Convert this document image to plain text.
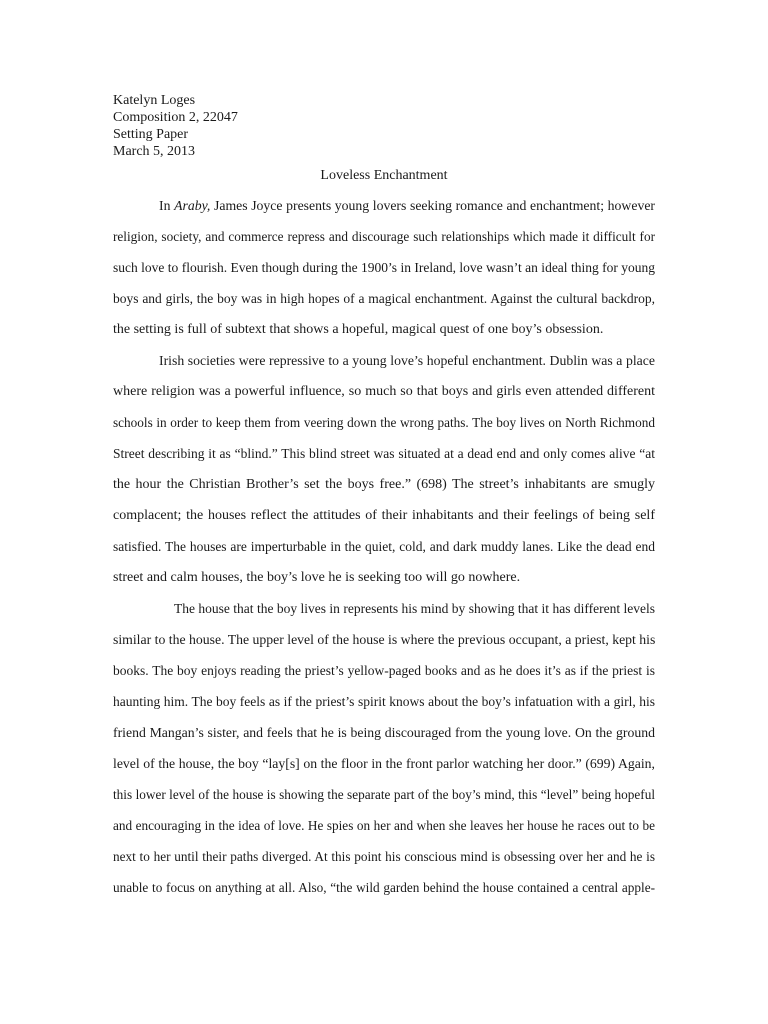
Katelyn Loges
Composition 2, 22047
Setting Paper
March 5, 2013
Loveless Enchantment
In Araby, James Joyce presents young lovers seeking romance and enchantment; however
religion, society, and commerce repress and discourage such relationships which made it difficult for
such love to flourish. Even though during the 1900’s in Ireland, love wasn’t an ideal thing for young
boys and girls, the boy was in high hopes of a magical enchantment. Against the cultural backdrop,
the setting is full of subtext that shows a hopeful, magical quest of one boy’s obsession.
Irish societies were repressive to a young love’s hopeful enchantment. Dublin was a place
where religion was a powerful influence, so much so that boys and girls even attended different
schools in order to keep them from veering down the wrong paths. The boy lives on North Richmond
Street describing it as “blind.” This blind street was situated at a dead end and only comes alive “at
the hour the Christian Brother’s set the boys free.” (698) The street’s inhabitants are smugly
complacent; the houses reflect the attitudes of their inhabitants and their feelings of being self
satisfied. The houses are imperturbable in the quiet, cold, and dark muddy lanes. Like the dead end
street and calm houses, the boy’s love he is seeking too will go nowhere.
The house that the boy lives in represents his mind by showing that it has different levels
similar to the house. The upper level of the house is where the previous occupant, a priest, kept his
books. The boy enjoys reading the priest’s yellow-paged books and as he does it’s as if the priest is
haunting him. The boy feels as if the priest’s spirit knows about the boy’s infatuation with a girl, his
friend Mangan’s sister, and feels that he is being discouraged from the young love. On the ground
level of the house, the boy “lay[s] on the floor in the front parlor watching her door.” (699) Again,
this lower level of the house is showing the separate part of the boy’s mind, this “level” being hopeful
and encouraging in the idea of love. He spies on her and when she leaves her house he races out to be
next to her until their paths diverged. At this point his conscious mind is obsessing over her and he is
unable to focus on anything at all. Also, “the wild garden behind the house contained a central apple-
